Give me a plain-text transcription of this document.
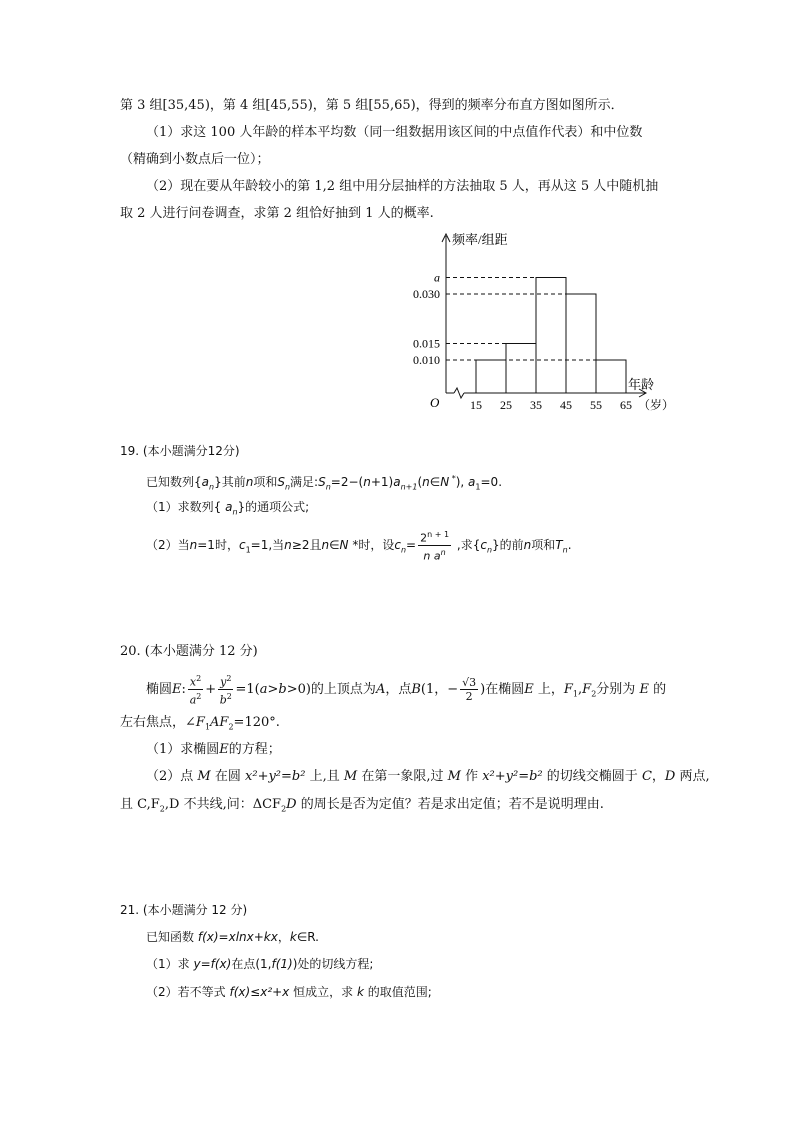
第 3 组[35,45)，第 4 组[45,55)，第 5 组[55,65)，得到的频率分布直方图如图所示．
（1）求这 100 人年龄的样本平均数（同一组数据用该区间的中点值作代表）和中位数
（精确到小数点后一位）；
（2）现在要从年龄较小的第 1,2 组中用分层抽样的方法抽取 5 人，再从这 5 人中随机抽
取 2 人进行问卷调查，求第 2 组恰好抽到 1 人的概率.
O
频率/组距
年龄
（岁）
0.010
0.015
0.030
a
15 25 35 45 55 65
19. (本小题满分12分)
已知数列$\{a_n\}$其前n项和$S_n$满足$:S_n=2-(n+1)a_{n+1}(n\in N$ *), $a_1=0$.
（1）求数列{ $a_n$}的通项公式;
（2）当n=1时，$c_1=1$,当n≥2且n∈N *时，设$c_n= \frac{2^{n + 1}}{n a^n}$ ,求$\{c_n\}$的前n项和$T_n$.
20. (本小题满分 12 分)
椭圆E: $\frac{x^2}{a^2} + \frac{y^2}{b^2} =1(a>b>0)$的上顶点为A，点B(1，− $\frac{√3}{2}$ )在椭圆E 上，$F_1,F_2$分别为 E 的
左右焦点，$\angle F_1AF_2=120^\circ$.
（1）求椭圆E的方程；
（2）点 M 在圆 x²+y²=b² 上,且 M 在第一象限,过 M 作 x²+y²=b² 的切线交椭圆于 C，D 两点,
且 $C,F_2,D$ 不共线,问：$\Delta CF_2D$ 的周长是否为定值？若是求出定值；若不是说明理由.
21. (本小题满分 12 分)
已知函数 f(x)=xlnx+kx，k∈R.
（1）求 y=f(x)在点(1,f(1))处的切线方程;
（2）若不等式 f(x)≤x²+x 恒成立，求 k 的取值范围;
